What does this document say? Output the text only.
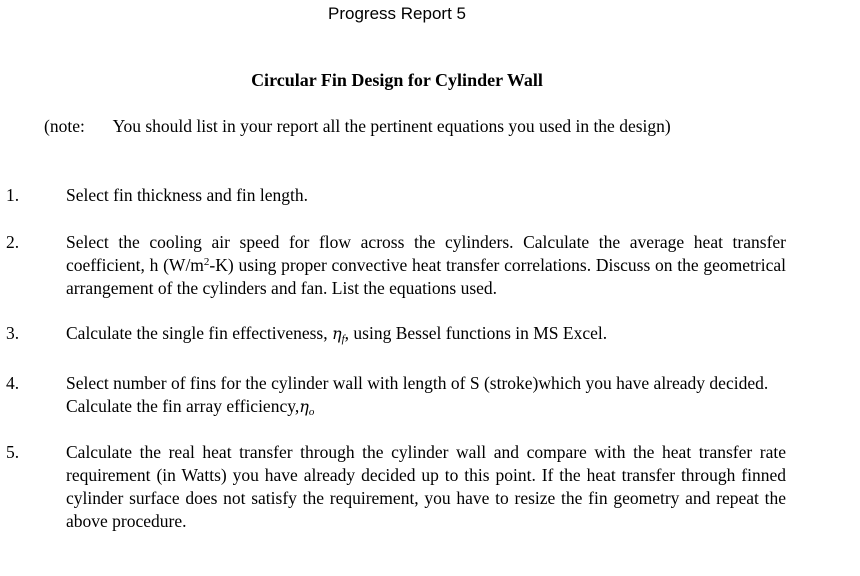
Progress Report 5
Circular Fin Design for Cylinder Wall
(note: You should list in your report all the pertinent equations you used in the design)
1.	Select fin thickness and fin length.
2.	Select the cooling air speed for flow across the cylinders. Calculate the average heat transfer coefficient, h $(W/m^2-K)$ using proper convective heat transfer correlations. Discuss on the geometrical arrangement of the cylinders and fan. List the equations used.
3.	Calculate the single fin effectiveness, $\eta_f$, using Bessel functions in MS Excel.
4.	Select number of fins for the cylinder wall with length of S (stroke)which you have already decided. Calculate the fin array $efficiency,\eta_o$
5.	Calculate the real heat transfer through the cylinder wall and compare with the heat transfer rate requirement (in Watts) you have already decided up to this point. If the heat transfer through finned cylinder surface does not satisfy the requirement, you have to resize the fin geometry and repeat the above procedure.
